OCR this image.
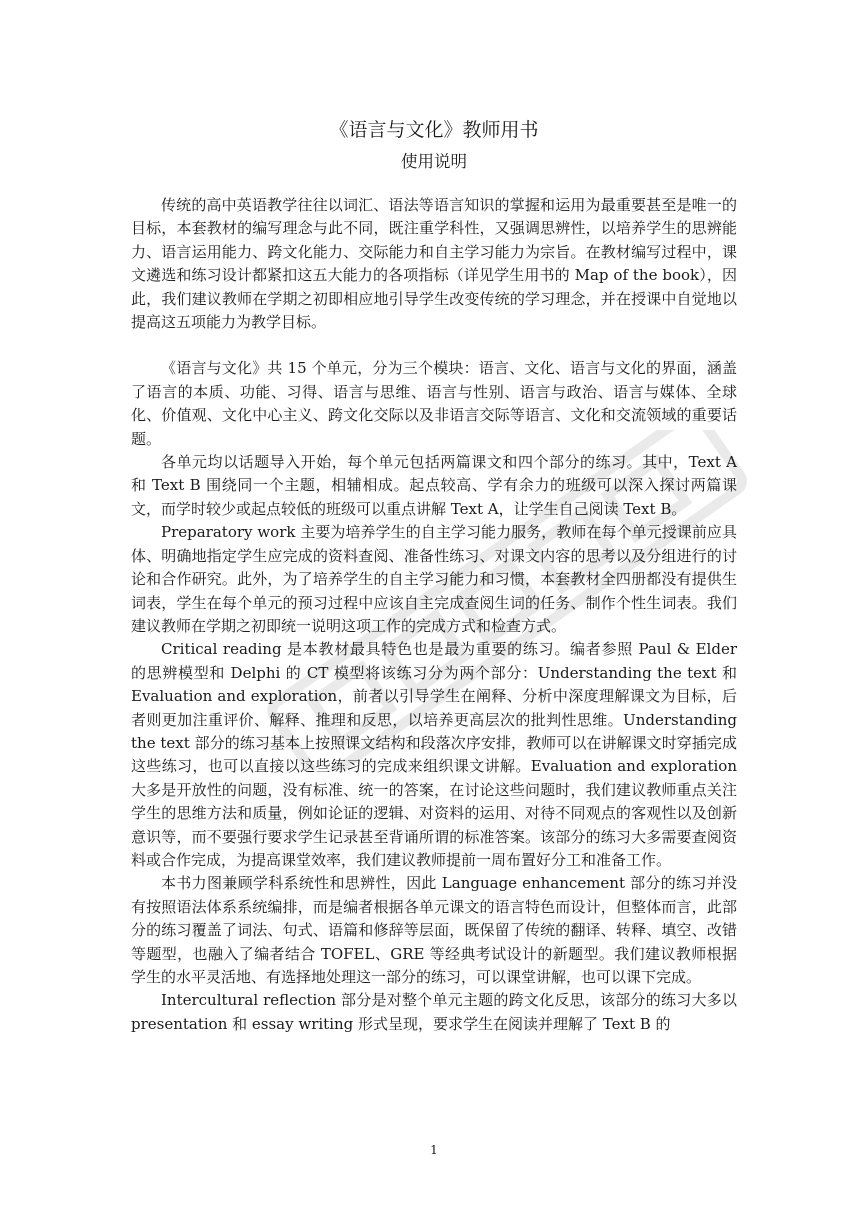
《语言与文化》教师用书
使用说明

传统的高中英语教学往往以词汇、语法等语言知识的掌握和运用为最重要甚至是唯一的目标，本套教材的编写理念与此不同，既注重学科性，又强调思辨性，以培养学生的思辨能力、语言运用能力、跨文化能力、交际能力和自主学习能力为宗旨。在教材编写过程中，课文遴选和练习设计都紧扣这五大能力的各项指标（详见学生用书的 Map of the book），因此，我们建议教师在学期之初即相应地引导学生改变传统的学习理念，并在授课中自觉地以提高这五项能力为教学目标。

《语言与文化》共 15 个单元，分为三个模块：语言、文化、语言与文化的界面，涵盖了语言的本质、功能、习得、语言与思维、语言与性别、语言与政治、语言与媒体、全球化、价值观、文化中心主义、跨文化交际以及非语言交际等语言、文化和交流领域的重要话题。

各单元均以话题导入开始，每个单元包括两篇课文和四个部分的练习。其中，Text A 和 Text B 围绕同一个主题，相辅相成。起点较高、学有余力的班级可以深入探讨两篇课文，而学时较少或起点较低的班级可以重点讲解 Text A，让学生自己阅读 Text B。

Preparatory work 主要为培养学生的自主学习能力服务，教师在每个单元授课前应具体、明确地指定学生应完成的资料查阅、准备性练习、对课文内容的思考以及分组进行的讨论和合作研究。此外，为了培养学生的自主学习能力和习惯，本套教材全四册都没有提供生词表，学生在每个单元的预习过程中应该自主完成查阅生词的任务、制作个性生词表。我们建议教师在学期之初即统一说明这项工作的完成方式和检查方式。

Critical reading 是本教材最具特色也是最为重要的练习。编者参照 Paul & Elder 的思辨模型和 Delphi 的 CT 模型将该练习分为两个部分：Understanding the text 和 Evaluation and exploration，前者以引导学生在阐释、分析中深度理解课文为目标，后者则更加注重评价、解释、推理和反思，以培养更高层次的批判性思维。Understanding the text 部分的练习基本上按照课文结构和段落次序安排，教师可以在讲解课文时穿插完成这些练习，也可以直接以这些练习的完成来组织课文讲解。Evaluation and exploration 大多是开放性的问题，没有标准、统一的答案，在讨论这些问题时，我们建议教师重点关注学生的思维方法和质量，例如论证的逻辑、对资料的运用、对待不同观点的客观性以及创新意识等，而不要强行要求学生记录甚至背诵所谓的标准答案。该部分的练习大多需要查阅资料或合作完成，为提高课堂效率，我们建议教师提前一周布置好分工和准备工作。

本书力图兼顾学科系统性和思辨性，因此 Language enhancement 部分的练习并没有按照语法体系系统编排，而是编者根据各单元课文的语言特色而设计，但整体而言，此部分的练习覆盖了词法、句式、语篇和修辞等层面，既保留了传统的翻译、转释、填空、改错等题型，也融入了编者结合 TOFEL、GRE 等经典考试设计的新题型。我们建议教师根据学生的水平灵活地、有选择地处理这一部分的练习，可以课堂讲解，也可以课下完成。

Intercultural reflection 部分是对整个单元主题的跨文化反思，该部分的练习大多以 presentation 和 essay writing 形式呈现，要求学生在阅读并理解了 Text B 的

1
